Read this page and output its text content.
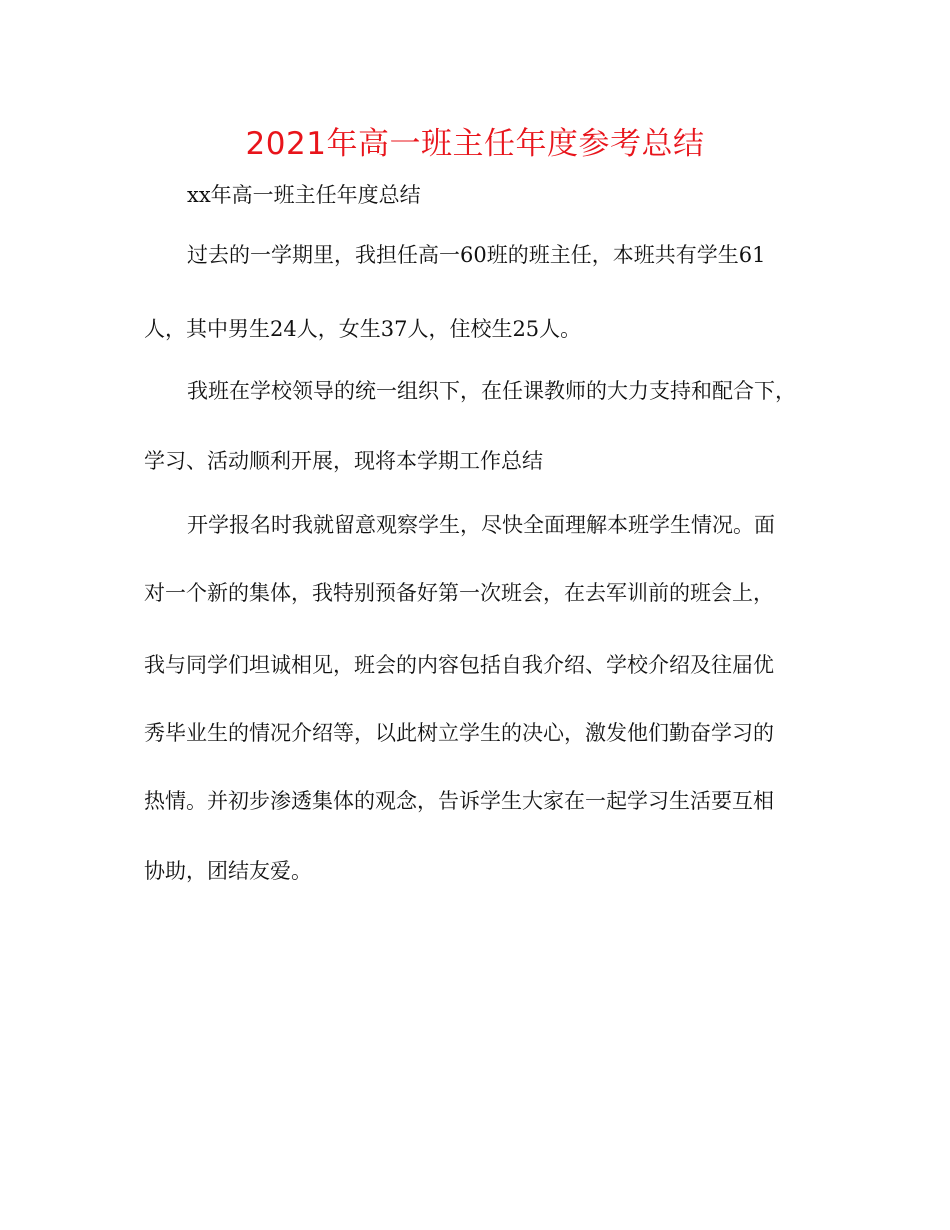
2021年高一班主任年度参考总结
xx年高一班主任年度总结
过去的一学期里，我担任高一60班的班主任，本班共有学生61
人，其中男生24人，女生37人，住校生25人。
我班在学校领导的统一组织下，在任课教师的大力支持和配合下，
学习、活动顺利开展，现将本学期工作总结
开学报名时我就留意观察学生，尽快全面理解本班学生情况。面
对一个新的集体，我特别预备好第一次班会，在去军训前的班会上，
我与同学们坦诚相见，班会的内容包括自我介绍、学校介绍及往届优
秀毕业生的情况介绍等，以此树立学生的决心，激发他们勤奋学习的
热情。并初步渗透集体的观念，告诉学生大家在一起学习生活要互相
协助，团结友爱。
